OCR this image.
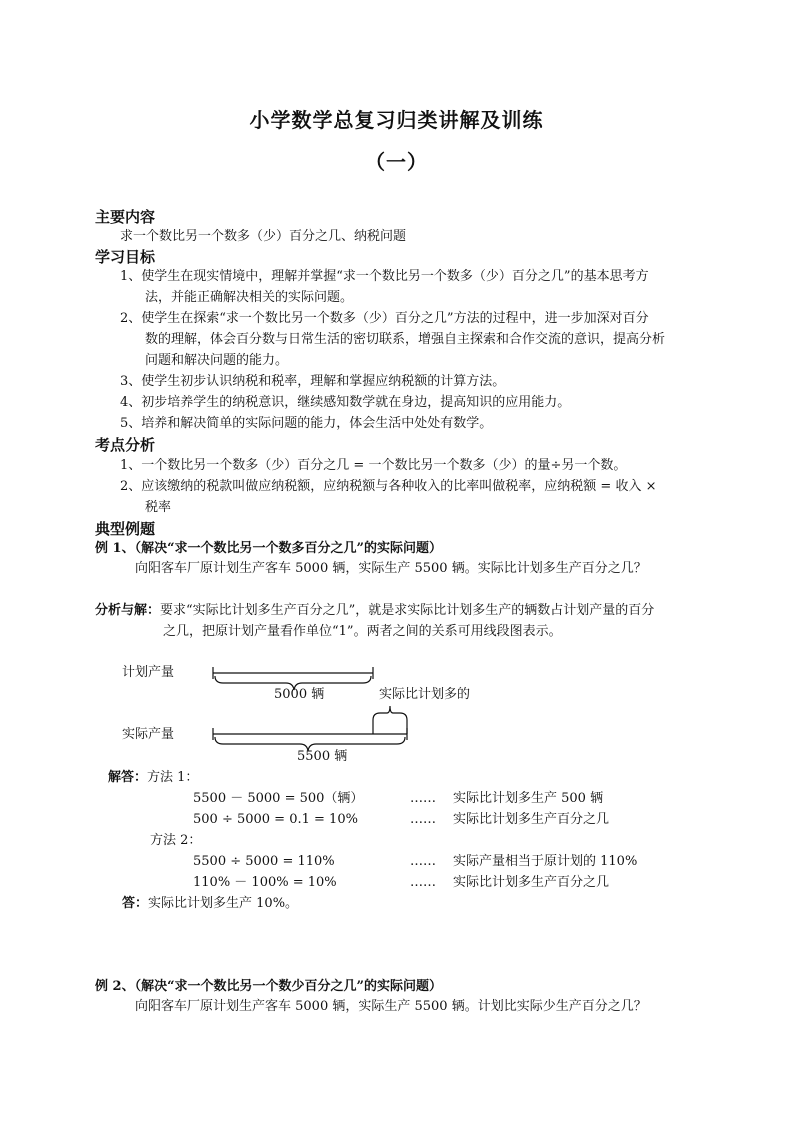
小学数学总复习归类讲解及训练
（一）
主要内容
求一个数比另一个数多（少）百分之几、纳税问题
学习目标
1、使学生在现实情境中，理解并掌握“求一个数比另一个数多（少）百分之几”的基本思考方
法，并能正确解决相关的实际问题。
2、使学生在探索“求一个数比另一个数多（少）百分之几”方法的过程中，进一步加深对百分
数的理解，体会百分数与日常生活的密切联系，增强自主探索和合作交流的意识，提高分析
问题和解决问题的能力。
3、使学生初步认识纳税和税率，理解和掌握应纳税额的计算方法。
4、初步培养学生的纳税意识，继续感知数学就在身边，提高知识的应用能力。
5、培养和解决简单的实际问题的能力，体会生活中处处有数学。
考点分析
1、一个数比另一个数多（少）百分之几 = 一个数比另一个数多（少）的量÷另一个数。
2、应该缴纳的税款叫做应纳税额，应纳税额与各种收入的比率叫做税率，应纳税额 = 收入 ×
税率
典型例题
例 1、（解决“求一个数比另一个数多百分之几”的实际问题）
向阳客车厂原计划生产客车 5000 辆，实际生产 5500 辆。实际比计划多生产百分之几？
分析与解：要求“实际比计划多生产百分之几”，就是求实际比计划多生产的辆数占计划产量的百分
之几，把原计划产量看作单位“1”。两者之间的关系可用线段图表示。
计划产量
5000 辆	实际比计划多的
实际产量
5500 辆
解答：方法 1：
5500 － 5000 = 500（辆）	…… 实际比计划多生产 500 辆
500 ÷ 5000 = 0.1 = 10%	…… 实际比计划多生产百分之几
方法 2：
5500 ÷ 5000 = 110%	…… 实际产量相当于原计划的 110%
110% － 100% = 10%	…… 实际比计划多生产百分之几
答：实际比计划多生产 10%。
例 2、（解决“求一个数比另一个数少百分之几”的实际问题）
向阳客车厂原计划生产客车 5000 辆，实际生产 5500 辆。计划比实际少生产百分之几？
